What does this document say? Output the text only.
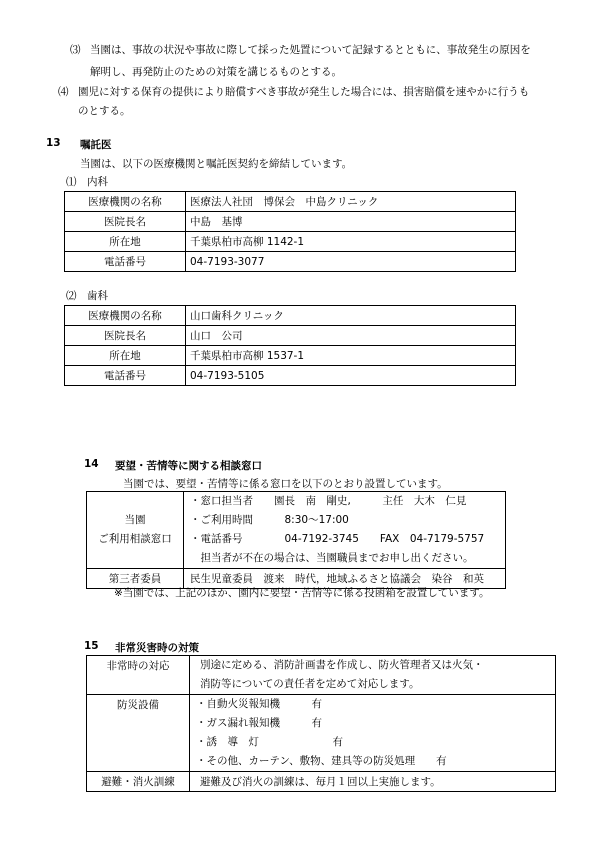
⑶ 当園は、事故の状況や事故に際して採った処置について記録するとともに、事故発生の原因を
解明し、再発防止のための対策を講じるものとする。
⑷ 園児に対する保育の提供により賠償すべき事故が発生した場合には、損害賠償を速やかに行うも
のとする。
13 嘱託医
当園は、以下の医療機関と嘱託医契約を締結しています。
⑴　内科
医療機関の名称	医療法人社団　博保会　中島クリニック
医院長名	中島　基博
所在地	千葉県柏市高柳 1142-1
電話番号	04-7193-3077
⑵　歯科
医療機関の名称	山口歯科クリニック
医院長名	山口　公司
所在地	千葉県柏市高柳 1537-1
電話番号	04-7193-5105
14 要望・苦情等に関する相談窓口
当園では、要望・苦情等に係る窓口を以下のとおり設置しています。
当園
ご利用相談窓口	・窓口担当者　　園長　南　剛史,　　　主任　大木　仁見
・ご利用時間　　　8:30～17:00
・電話番号　　　　04-7192-3745　　FAX　04-7179-5757
　担当者が不在の場合は、当園職員までお申し出ください。

第三者委員	民生児童委員　渡来　時代，地域ふるさと協議会　染谷　和英
※当園では、上記のほか、園内に要望・苦情等に係る投函箱を設置しています。
15 非常災害時の対策
非常時の対応	別途に定める、消防計画書を作成し、防火管理者又は火気・
消防等についての責任者を定めて対応します。

防災設備	・自動火災報知機　　　有
・ガス漏れ報知機　　　有
・誘　導　灯　　　　　　　有
・その他、カーテン、敷物、建具等の防災処理　　有

避難・消火訓練	避難及び消火の訓練は、毎月１回以上実施します。
